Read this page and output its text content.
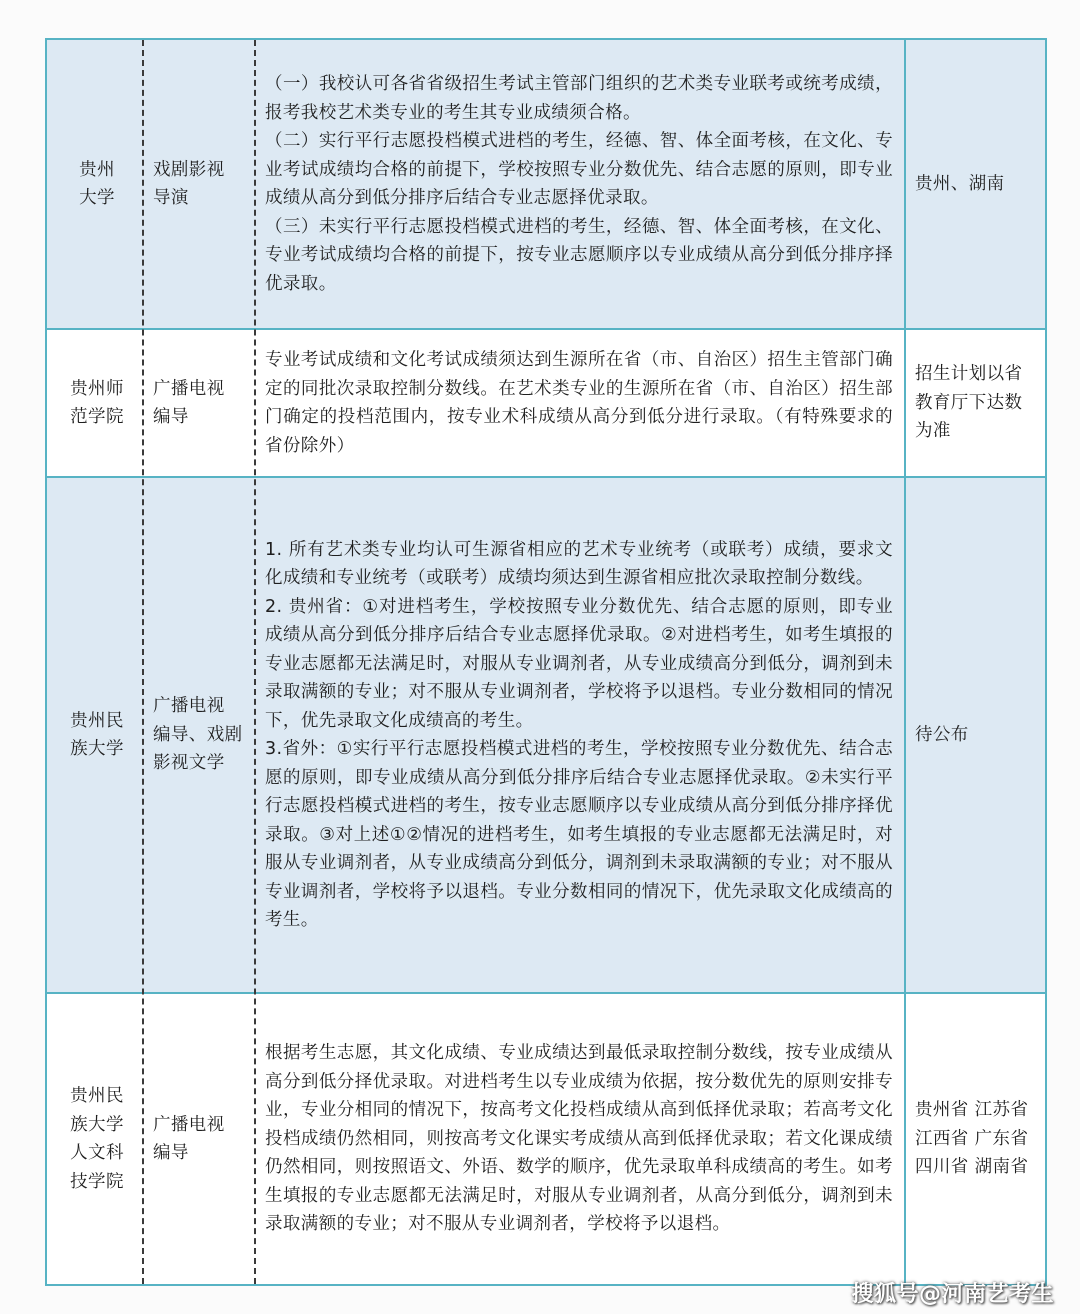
贵州
大学
戏剧影视
导演
（一）我校认可各省省级招生考试主管部门组织的艺术类专业联考或统考成绩，报考我校艺术类专业的考生其专业成绩须合格。
（二）实行平行志愿投档模式进档的考生，经德、智、体全面考核，在文化、专业考试成绩均合格的前提下，学校按照专业分数优先、结合志愿的原则，即专业成绩从高分到低分排序后结合专业志愿择优录取。
（三）未实行平行志愿投档模式进档的考生，经德、智、体全面考核，在文化、专业考试成绩均合格的前提下，按专业志愿顺序以专业成绩从高分到低分排序择优录取。
贵州、湖南
贵州师
范学院
广播电视
编导
专业考试成绩和文化考试成绩须达到生源所在省（市、自治区）招生主管部门确定的同批次录取控制分数线。在艺术类专业的生源所在省（市、自治区）招生部门确定的投档范围内，按专业术科成绩从高分到低分进行录取。（有特殊要求的省份除外）
招生计划以省教育厅下达数为准
贵州民
族大学
广播电视
编导、戏剧
影视文学
1. 所有艺术类专业均认可生源省相应的艺术专业统考（或联考）成绩，要求文化成绩和专业统考（或联考）成绩均须达到生源省相应批次录取控制分数线。
2. 贵州省：①对进档考生，学校按照专业分数优先、结合志愿的原则，即专业成绩从高分到低分排序后结合专业志愿择优录取。②对进档考生，如考生填报的专业志愿都无法满足时，对服从专业调剂者，从专业成绩高分到低分，调剂到未录取满额的专业；对不服从专业调剂者，学校将予以退档。专业分数相同的情况下，优先录取文化成绩高的考生。
3.省外：①实行平行志愿投档模式进档的考生，学校按照专业分数优先、结合志愿的原则，即专业成绩从高分到低分排序后结合专业志愿择优录取。②未实行平行志愿投档模式进档的考生，按专业志愿顺序以专业成绩从高分到低分排序择优录取。③对上述①②情况的进档考生，如考生填报的专业志愿都无法满足时，对服从专业调剂者，从专业成绩高分到低分，调剂到未录取满额的专业；对不服从专业调剂者，学校将予以退档。专业分数相同的情况下，优先录取文化成绩高的考生。
待公布
贵州民
族大学
人文科
技学院
广播电视
编导
根据考生志愿，其文化成绩、专业成绩达到最低录取控制分数线，按专业成绩从高分到低分择优录取。对进档考生以专业成绩为依据，按分数优先的原则安排专业，专业分相同的情况下，按高考文化投档成绩从高到低择优录取；若高考文化投档成绩仍然相同，则按高考文化课实考成绩从高到低择优录取；若文化课成绩仍然相同，则按照语文、外语、数学的顺序，优先录取单科成绩高的考生。如考生填报的专业志愿都无法满足时，对服从专业调剂者，从高分到低分，调剂到未录取满额的专业；对不服从专业调剂者，学校将予以退档。
贵州省 江苏省 江西省 广东省 四川省 湖南省
搜狐号@河南艺考生
